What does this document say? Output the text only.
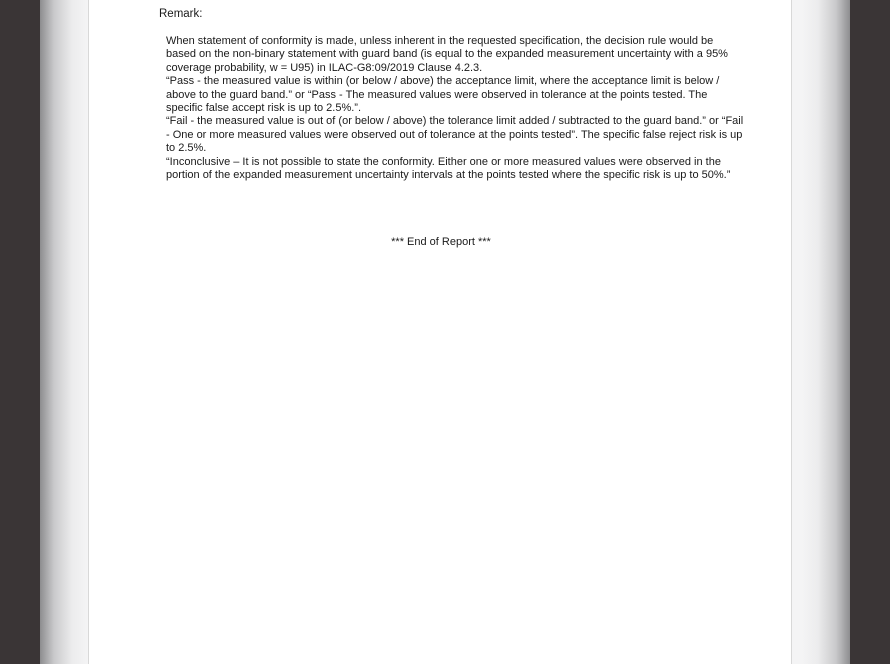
Remark:

When statement of conformity is made, unless inherent in the requested specification, the decision rule would be based on the non-binary statement with guard band (is equal to the expanded measurement uncertainty with a 95% coverage probability, w = U95) in ILAC-G8:09/2019 Clause 4.2.3.

“Pass - the measured value is within (or below / above) the acceptance limit, where the acceptance limit is below / above to the guard band.” or “Pass - The measured values were observed in tolerance at the points tested. The specific false accept risk is up to 2.5%.”.

“Fail - the measured value is out of (or below / above) the tolerance limit added / subtracted to the guard band.” or “Fail - One or more measured values were observed out of tolerance at the points tested”. The specific false reject risk is up to 2.5%.

“Inconclusive – It is not possible to state the conformity. Either one or more measured values were observed in the portion of the expanded measurement uncertainty intervals at the points tested where the specific risk is up to 50%.”

*** End of Report ***
